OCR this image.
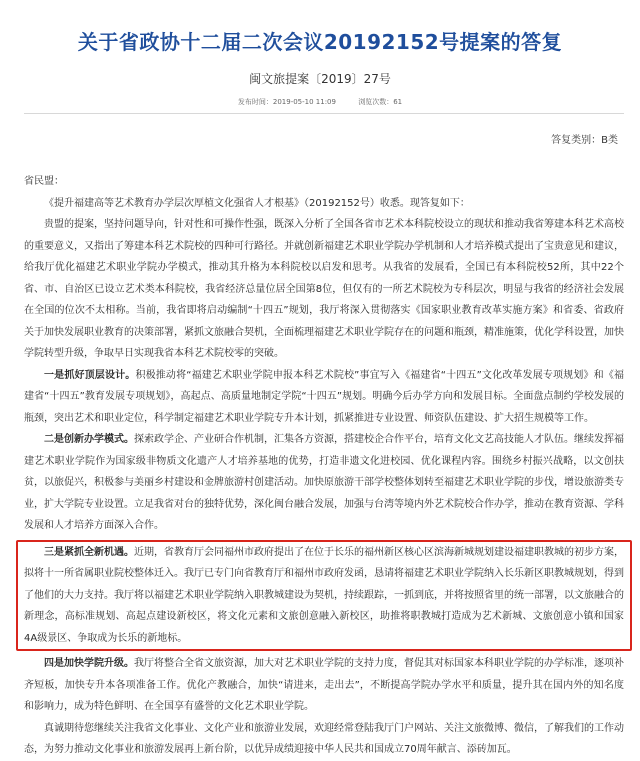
关于省政协十二届二次会议20192152号提案的答复
闽文旅提案〔2019〕27号
发布时间：2019-05-10 11:09	浏览次数：61
答复类别：B类

省民盟：

《提升福建高等艺术教育办学层次厚植文化强省人才根基》（20192152号）收悉。现答复如下：

贵盟的提案，坚持问题导向，针对性和可操作性强，既深入分析了全国各省市艺术本科院校设立的现状和推动我省筹建本科艺术高校的重要意义，又指出了筹建本科艺术院校的四种可行路径。并就创新福建艺术职业学院办学机制和人才培养模式提出了宝贵意见和建议，给我厅优化福建艺术职业学院办学模式，推动其升格为本科院校以启发和思考。从我省的发展看，全国已有本科院校52所，其中22个省、市、自治区已设立艺术类本科院校，我省经济总量位居全国第8位，但仅有的一所艺术院校为专科层次，明显与我省的经济社会发展在全国的位次不太相称。当前，我省即将启动编制“十四五”规划，我厅将深入贯彻落实《国家职业教育改革实施方案》和省委、省政府关于加快发展职业教育的决策部署，紧抓文旅融合契机，全面梳理福建艺术职业学院存在的问题和瓶颈，精准施策，优化学科设置，加快学院转型升级，争取早日实现我省本科艺术院校零的突破。

一是抓好顶层设计。积极推动将“福建艺术职业学院申报本科艺术院校”事宜写入《福建省“十四五”文化改革发展专项规划》和《福建省“十四五”教育发展专项规划》，高起点、高质量地制定学院“十四五”规划。明确今后办学方向和发展目标。全面盘点制约学校发展的瓶颈，突出艺术和职业定位，科学制定福建艺术职业学院专升本计划，抓紧推进专业设置、师资队伍建设、扩大招生规模等工作。

二是创新办学模式。探索政学企、产业研合作机制，汇集各方资源，搭建校企合作平台，培育文化文艺高技能人才队伍。继续发挥福建艺术职业学院作为国家级非物质文化遗产人才培养基地的优势，打造非遗文化进校园、优化课程内容。围绕乡村振兴战略，以文创扶贫，以旅促兴，积极参与美丽乡村建设和金牌旅游村创建活动。加快原旅游干部学校整体划转至福建艺术职业学院的步伐，增设旅游类专业，扩大学院专业设置。立足我省对台的独特优势，深化闽台融合发展，加强与台湾等境内外艺术院校合作办学，推动在教育资源、学科发展和人才培养方面深入合作。

三是紧抓全新机遇。近期，省教育厅会同福州市政府提出了在位于长乐的福州新区核心区滨海新城规划建设福建职教城的初步方案，拟将十一所省属职业院校整体迁入。我厅已专门向省教育厅和福州市政府发函，恳请将福建艺术职业学院纳入长乐新区职教城规划，得到了他们的大力支持。我厅将以福建艺术职业学院纳入职教城建设为契机，持续跟踪，一抓到底，并将按照省里的统一部署，以文旅融合的新理念，高标准规划、高起点建设新校区，将文化元素和文旅创意融入新校区，助推将职教城打造成为艺术新城、文旅创意小镇和国家4A级景区、争取成为长乐的新地标。

四是加快学院升级。我厅将整合全省文旅资源，加大对艺术职业学院的支持力度，督促其对标国家本科职业学院的办学标准，逐项补齐短板，加快专升本各项准备工作。优化产教融合，加快“请进来，走出去”，不断提高学院办学水平和质量，提升其在国内外的知名度和影响力，成为特色鲜明、在全国享有盛誉的文化艺术职业学院。

真诚期待您继续关注我省文化事业、文化产业和旅游业发展，欢迎经常登陆我厅门户网站、关注文旅微博、微信，了解我们的工作动态，为努力推动文化事业和旅游发展再上新台阶，以优异成绩迎接中华人民共和国成立70周年献言、添砖加瓦。
